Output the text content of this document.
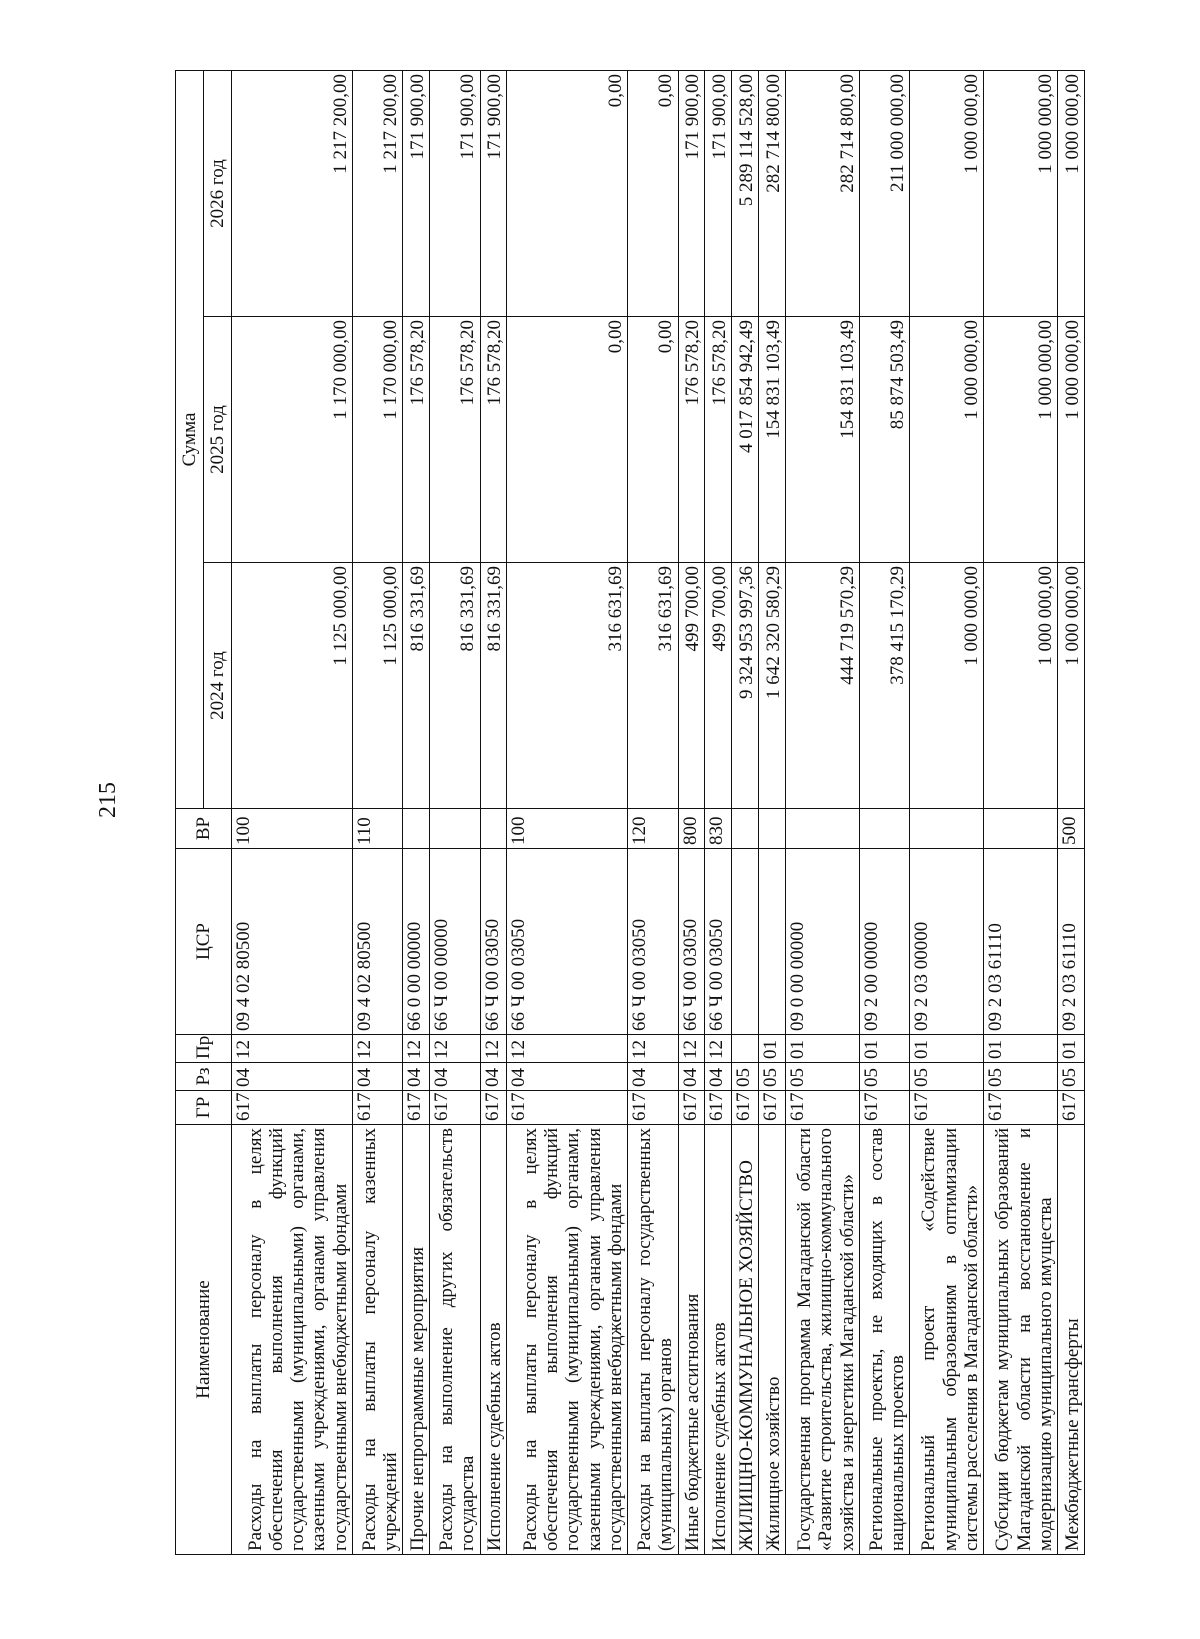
215
Наименование	ГР	Рз	Пр	ЦСР	ВР	Сумма		
						2024 год	2025 год	2026 год
Расходы на выплаты персоналу в целях обеспечения выполнения функций государственными (муниципальными) органами, казенными учреждениями, органами управления государственными внебюджетными фондами	617	04	12	09 4 02 80500	100	1 125 000,00	1 170 000,00	1 217 200,00
Расходы на выплаты персоналу казенных учреждений	617	04	12	09 4 02 80500	110	1 125 000,00	1 170 000,00	1 217 200,00
Прочие непрограммные мероприятия	617	04	12	66 0 00 00000		816 331,69	176 578,20	171 900,00
Расходы на выполнение других обязательств государства	617	04	12	66 Ч 00 00000		816 331,69	176 578,20	171 900,00
Исполнение судебных актов	617	04	12	66 Ч 00 03050		816 331,69	176 578,20	171 900,00
Расходы на выплаты персоналу в целях обеспечения выполнения функций государственными (муниципальными) органами, казенными учреждениями, органами управления государственными внебюджетными фондами	617	04	12	66 Ч 00 03050	100	316 631,69	0,00	0,00
Расходы на выплаты персоналу государственных (муниципальных) органов	617	04	12	66 Ч 00 03050	120	316 631,69	0,00	0,00
Иные бюджетные ассигнования	617	04	12	66 Ч 00 03050	800	499 700,00	176 578,20	171 900,00
Исполнение судебных актов	617	04	12	66 Ч 00 03050	830	499 700,00	176 578,20	171 900,00
ЖИЛИЩНО-КОММУНАЛЬНОЕ ХОЗЯЙСТВО	617	05				9 324 953 997,36	4 017 854 942,49	5 289 114 528,00
Жилищное хозяйство	617	05	01			1 642 320 580,29	154 831 103,49	282 714 800,00
Государственная программа Магаданской области «Развитие строительства, жилищно-коммунального хозяйства и энергетики Магаданской области»	617	05	01	09 0 00 00000		444 719 570,29	154 831 103,49	282 714 800,00
Региональные проекты, не входящих в состав национальных проектов	617	05	01	09 2 00 00000		378 415 170,29	85 874 503,49	211 000 000,00
Региональный проект «Содействие муниципальным образованиям в оптимизации системы расселения в Магаданской области»	617	05	01	09 2 03 00000		1 000 000,00	1 000 000,00	1 000 000,00
Субсидии бюджетам муниципальных образований Магаданской области на восстановление и модернизацию муниципального имущества	617	05	01	09 2 03 61110		1 000 000,00	1 000 000,00	1 000 000,00
Межбюджетные трансферты	617	05	01	09 2 03 61110	500	1 000 000,00	1 000 000,00	1 000 000,00
